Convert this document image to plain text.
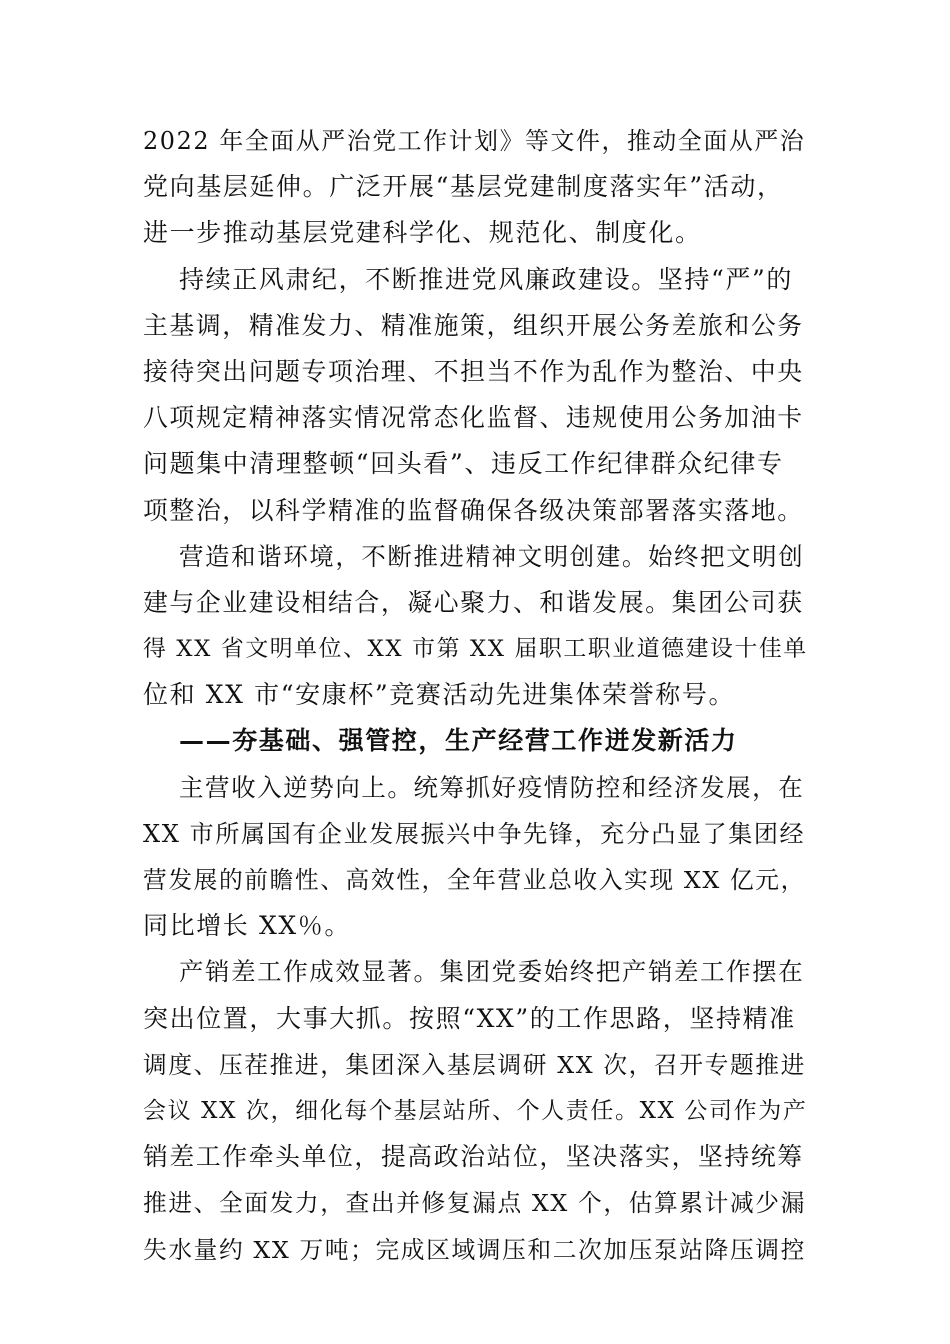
2022 年全面从严治党工作计划》等文件，推动全面从严治
党向基层延伸。广泛开展“基层党建制度落实年”活动，
进一步推动基层党建科学化、规范化、制度化。
持续正风肃纪，不断推进党风廉政建设。坚持“严”的
主基调，精准发力、精准施策，组织开展公务差旅和公务
接待突出问题专项治理、不担当不作为乱作为整治、中央
八项规定精神落实情况常态化监督、违规使用公务加油卡
问题集中清理整顿“回头看”、违反工作纪律群众纪律专
项整治，以科学精准的监督确保各级决策部署落实落地。
营造和谐环境，不断推进精神文明创建。始终把文明创
建与企业建设相结合，凝心聚力、和谐发展。集团公司获
得 XX 省文明单位、XX 市第 XX 届职工职业道德建设十佳单
位和 XX 市“安康杯”竞赛活动先进集体荣誉称号。
——夯基础、强管控，生产经营工作迸发新活力
主营收入逆势向上。统筹抓好疫情防控和经济发展，在
XX 市所属国有企业发展振兴中争先锋，充分凸显了集团经
营发展的前瞻性、高效性，全年营业总收入实现 XX 亿元，
同比增长 XX％。
产销差工作成效显著。集团党委始终把产销差工作摆在
突出位置，大事大抓。按照“XX”的工作思路，坚持精准
调度、压茬推进，集团深入基层调研 XX 次，召开专题推进
会议 XX 次，细化每个基层站所、个人责任。XX 公司作为产
销差工作牵头单位，提高政治站位，坚决落实，坚持统筹
推进、全面发力，查出并修复漏点 XX 个，估算累计减少漏
失水量约 XX 万吨；完成区域调压和二次加压泵站降压调控
